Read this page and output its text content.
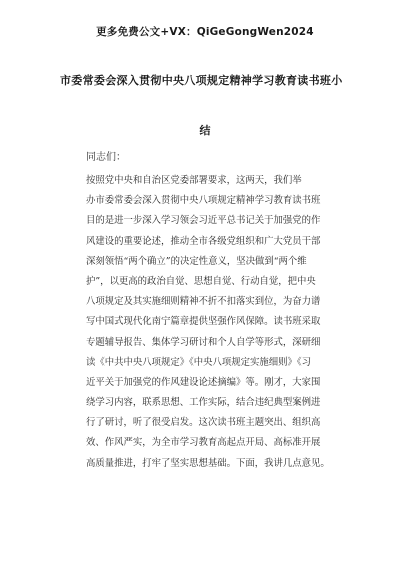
更多免费公文+VX：QiGeGongWen2024
市委常委会深入贯彻中央八项规定精神学习教育读书班小
结
同志们：
按照党中央和自治区党委部署要求，这两天，我们举
办市委常委会深入贯彻中央八项规定精神学习教育读书班
目的是进一步深入学习领会习近平总书记关于加强党的作
风建设的重要论述，推动全市各级党组织和广大党员干部
深刻领悟“两个确立”的决定性意义，坚决做到“两个维
护”，以更高的政治自觉、思想自觉、行动自觉，把中央
八项规定及其实施细则精神不折不扣落实到位，为奋力谱
写中国式现代化南宁篇章提供坚强作风保障。读书班采取
专题辅导报告、集体学习研讨和个人自学等形式，深研细
读《中共中央八项规定》《中央八项规定实施细则》《习
近平关于加强党的作风建设论述摘编》等。刚才，大家围
绕学习内容，联系思想、工作实际，结合违纪典型案例进
行了研讨，听了很受启发。这次读书班主题突出、组织高
效、作风严实，为全市学习教育高起点开局、高标准开展
高质量推进，打牢了坚实思想基础。下面，我讲几点意见。
